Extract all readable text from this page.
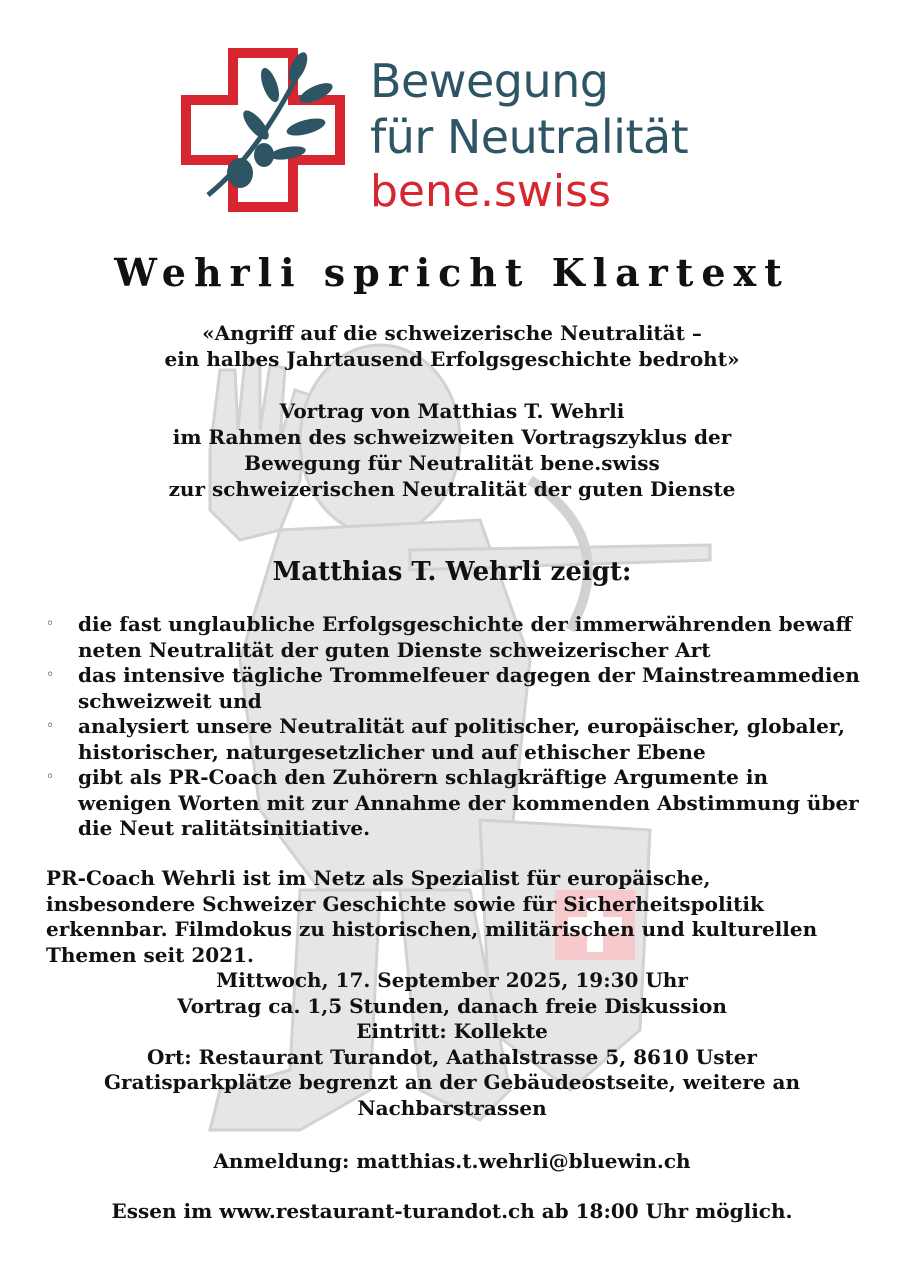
Bewegung
für Neutralität
bene.swiss
Wehrli spricht Klartext
«Angriff auf die schweizerische Neutralität –
ein halbes Jahrtausend Erfolgsgeschichte bedroht»
Vortrag von Matthias T. Wehrli
im Rahmen des schweizweiten Vortragszyklus der
Bewegung für Neutralität bene.swiss
zur schweizerischen Neutralität der guten Dienste
Matthias T. Wehrli zeigt:
◦ die fast unglaubliche Erfolgsgeschichte der immerwährenden bewaff neten Neutralität der guten Dienste schweizerischer Art
◦ das intensive tägliche Trommelfeuer dagegen der Mainstreammedien schweizweit und
◦ analysiert unsere Neutralität auf politischer, europäischer, globaler, historischer, naturgesetzlicher und auf ethischer Ebene
◦ gibt als PR-Coach den Zuhörern schlagkräftige Argumente in wenigen Worten mit zur Annahme der kommenden Abstimmung über die Neut ralitätsinitiative.
PR-Coach Wehrli ist im Netz als Spezialist für europäische, insbesondere Schweizer Geschichte sowie für Sicherheitspolitik erkennbar. Filmdokus zu historischen, militärischen und kulturellen Themen seit 2021.
Mittwoch, 17. September 2025, 19:30 Uhr
Vortrag ca. 1,5 Stunden, danach freie Diskussion
Eintritt: Kollekte
Ort: Restaurant Turandot, Aathalstrasse 5, 8610 Uster
Gratisparkplätze begrenzt an der Gebäudeostseite, weitere an Nachbarstrassen
Anmeldung: matthias.t.wehrli@bluewin.ch
Essen im www.restaurant-turandot.ch ab 18:00 Uhr möglich.
